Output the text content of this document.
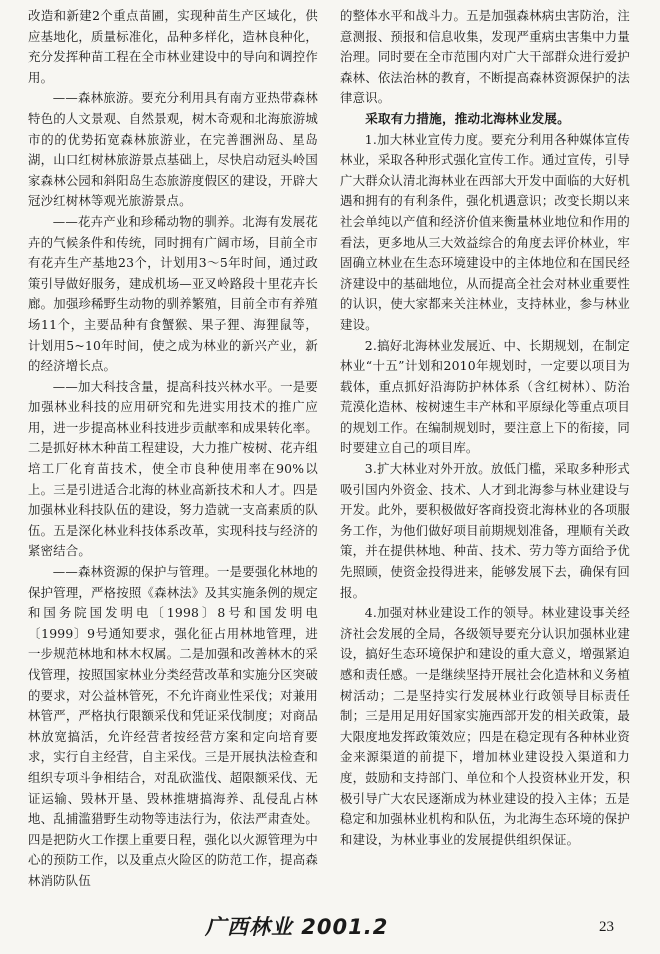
改造和新建2个重点苗圃，实现种苗生产区域化，供应基地化，质量标准化，品种多样化，造林良种化，充分发挥种苗工程在全市林业建设中的导向和调控作用。

——森林旅游。要充分利用具有南方亚热带森林特色的人文景观、自然景观，树木奇观和北海旅游城市的的优势拓宽森林旅游业，在完善涠洲岛、星岛湖，山口红树林旅游景点基础上，尽快启动冠头岭国家森林公园和斜阳岛生态旅游度假区的建设，开辟大冠沙红树林等观光旅游景点。

——花卉产业和珍稀动物的驯养。北海有发展花卉的气候条件和传统，同时拥有广阔市场，目前全市有花卉生产基地23个，计划用3～5年时间，通过政策引导做好服务，建成机场—亚叉岭路段十里花卉长廊。加强珍稀野生动物的驯养繁殖，目前全市有养殖场11个，主要品种有食蟹猴、果子狸、海狸鼠等，计划用5~10年时间，使之成为林业的新兴产业，新的经济增长点。

——加大科技含量，提高科技兴林水平。一是要加强林业科技的应用研究和先进实用技术的推广应用，进一步提高林业科技进步贡献率和成果转化率。二是抓好林木种苗工程建设，大力推广桉树、花卉组培工厂化育苗技术，使全市良种使用率在90%以上。三是引进适合北海的林业高新技术和人才。四是加强林业科技队伍的建设，努力造就一支高素质的队伍。五是深化林业科技体系改革，实现科技与经济的紧密结合。

——森林资源的保护与管理。一是要强化林地的保护管理，严格按照《森林法》及其实施条例的规定和国务院国发明电〔1998〕8号和国发明电〔1999〕9号通知要求，强化征占用林地管理，进一步规范林地和林木权属。二是加强和改善林木的采伐管理，按照国家林业分类经营改革和实施分区突破的要求，对公益林管死，不允许商业性采伐；对兼用林管严，严格执行限额采伐和凭证采伐制度；对商品林放宽搞活，允许经营者按经营方案和定向培育要求，实行自主经营，自主采伐。三是开展执法检查和组织专项斗争相结合，对乱砍滥伐、超限额采伐、无证运输、毁林开垦、毁林推塘搞海养、乱侵乱占林地、乱捕滥猎野生动物等违法行为，依法严肃查处。四是把防火工作摆上重要日程，强化以火源管理为中心的预防工作，以及重点火险区的防范工作，提高森林消防队伍

的整体水平和战斗力。五是加强森林病虫害防治，注意测报、预报和信息收集，发现严重病虫害集中力量治理。同时要在全市范围内对广大干部群众进行爱护森林、依法治林的教育，不断提高森林资源保护的法律意识。

采取有力措施，推动北海林业发展。

1.加大林业宣传力度。要充分利用各种媒体宣传林业，采取各种形式强化宣传工作。通过宣传，引导广大群众认清北海林业在西部大开发中面临的大好机遇和拥有的有利条件，强化机遇意识；改变长期以来社会单纯以产值和经济价值来衡量林业地位和作用的看法，更多地从三大效益综合的角度去评价林业，牢固确立林业在生态环境建设中的主体地位和在国民经济建设中的基础地位，从而提高全社会对林业重要性的认识，使大家都来关注林业，支持林业，参与林业建设。

2.搞好北海林业发展近、中、长期规划，在制定林业“十五”计划和2010年规划时，一定要以项目为载体，重点抓好沿海防护林体系（含红树林）、防治荒漠化造林、桉树速生丰产林和平原绿化等重点项目的规划工作。在编制规划时，要注意上下的衔接，同时要建立自己的项目库。

3.扩大林业对外开放。放低门槛，采取多种形式吸引国内外资金、技术、人才到北海参与林业建设与开发。此外，要积极做好客商投资北海林业的各项服务工作，为他们做好项目前期规划准备，理顺有关政策，并在提供林地、种苗、技术、劳力等方面给予优先照顾，使资金投得进来，能够发展下去，确保有回报。

4.加强对林业建设工作的领导。林业建设事关经济社会发展的全局，各级领导要充分认识加强林业建设，搞好生态环境保护和建设的重大意义，增强紧迫感和责任感。一是继续坚持开展社会化造林和义务植树活动；二是坚持实行发展林业行政领导目标责任制；三是用足用好国家实施西部开发的相关政策，最大限度地发挥政策效应；四是在稳定现有各种林业资金来源渠道的前提下，增加林业建设投入渠道和力度，鼓励和支持部门、单位和个人投资林业开发，积极引导广大农民逐渐成为林业建设的投入主体；五是稳定和加强林业机构和队伍，为北海生态环境的保护和建设，为林业事业的发展提供组织保证。

广西林业 2001.2	23
